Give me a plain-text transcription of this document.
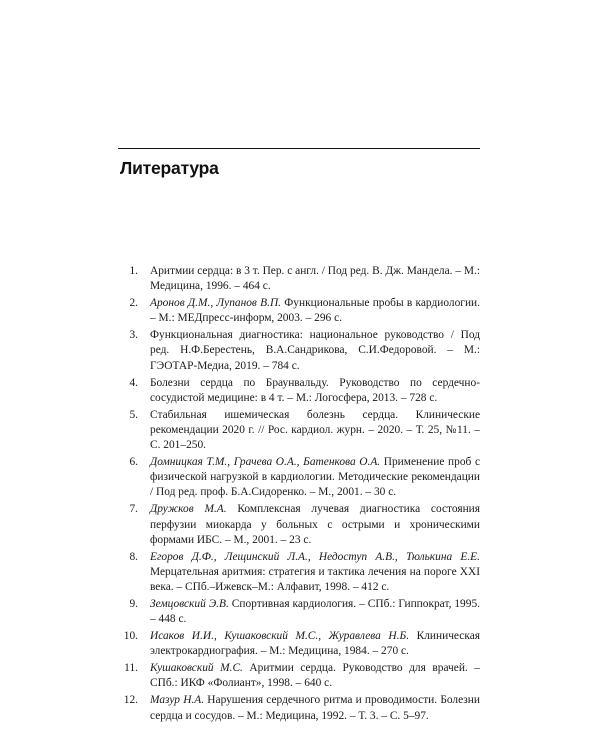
Литература
1. Аритмии сердца: в 3 т. Пер. с англ. / Под ред. В. Дж. Мандела. – М.: Медицина, 1996. – 464 с.
2. Аронов Д.М., Лупанов В.П. Функциональные пробы в кардиологии. – М.: МЕДпресс-информ, 2003. – 296 с.
3. Функциональная диагностика: национальное руководство / Под ред. Н.Ф.Берестень, В.А.Сандрикова, С.И.Федоровой. – М.: ГЭОТАР-Медиа, 2019. – 784 с.
4. Болезни сердца по Браунвальду. Руководство по сердечно-сосудистой медицине: в 4 т. – М.: Логосфера, 2013. – 728 с.
5. Стабильная ишемическая болезнь сердца. Клинические рекомендации 2020 г. // Рос. кардиол. журн. – 2020. – Т. 25, №11. – С. 201–250.
6. Домницкая Т.М., Грачева О.А., Батенкова О.А. Применение проб с физической нагрузкой в кардиологии. Методические рекомендации / Под ред. проф. Б.А.Сидоренко. – М., 2001. – 30 с.
7. Дружков М.А. Комплексная лучевая диагностика состояния перфузии миокарда у больных с острыми и хроническими формами ИБС. – М., 2001. – 23 с.
8. Егоров Д.Ф., Лещинский Л.А., Недоступ А.В., Тюлькина Е.Е. Мерцательная аритмия: стратегия и тактика лечения на пороге XXI века. – СПб.–Ижевск–М.: Алфавит, 1998. – 412 с.
9. Земцовский Э.В. Спортивная кардиология. – СПб.: Гиппократ, 1995. – 448 с.
10. Исаков И.И., Кушаковский М.С., Журавлева Н.Б. Клиническая электрокардиография. – М.: Медицина, 1984. – 270 с.
11. Кушаковский М.С. Аритмии сердца. Руководство для врачей. – СПб.: ИКФ «Фолиант», 1998. – 640 с.
12. Мазур Н.А. Нарушения сердечного ритма и проводимости. Болезни сердца и сосудов. – М.: Медицина, 1992. – Т. 3. – С. 5–97.
